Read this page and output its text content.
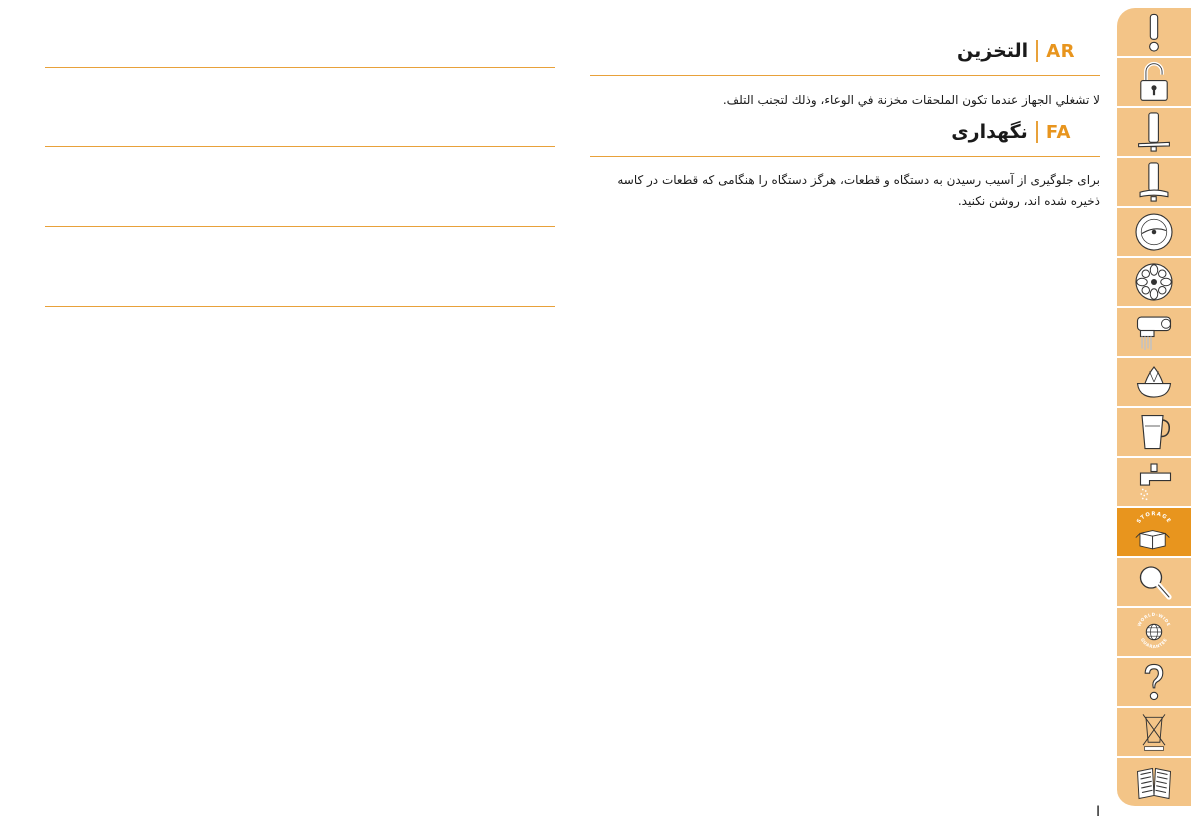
التخزين AR
لا تشغلي الجهاز عندما تكون الملحقات مخزنة في الوعاء، وذلك لتجنب التلف.
نگهداری FA
برای جلوگیری از آسیب رسیدن به دستگاه و قطعات، هرگز دستگاه را هنگامی که قطعات در کاسه ذخیره شده اند، روشن نکنید.
STORAGE
WORLD-WIDE
GUARANTEE
I
